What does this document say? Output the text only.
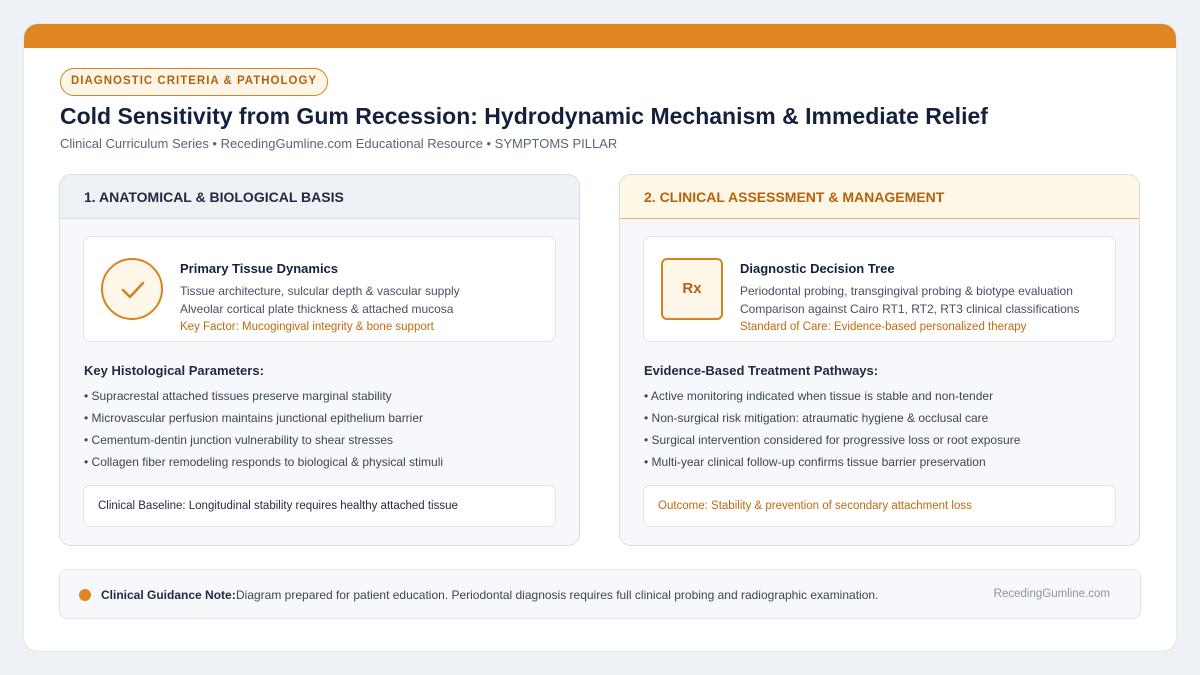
DIAGNOSTIC CRITERIA & PATHOLOGY
Cold Sensitivity from Gum Recession: Hydrodynamic Mechanism & Immediate Relief
Clinical Curriculum Series • RecedingGumline.com Educational Resource • SYMPTOMS PILLAR
1. ANATOMICAL & BIOLOGICAL BASIS
Primary Tissue Dynamics
Tissue architecture, sulcular depth & vascular supply
Alveolar cortical plate thickness & attached mucosa
Key Factor: Mucogingival integrity & bone support
Key Histological Parameters:
• Supracrestal attached tissues preserve marginal stability
• Microvascular perfusion maintains junctional epithelium barrier
• Cementum-dentin junction vulnerability to shear stresses
• Collagen fiber remodeling responds to biological & physical stimuli
Clinical Baseline: Longitudinal stability requires healthy attached tissue
2. CLINICAL ASSESSMENT & MANAGEMENT
Rx
Diagnostic Decision Tree
Periodontal probing, transgingival probing & biotype evaluation
Comparison against Cairo RT1, RT2, RT3 clinical classifications
Standard of Care: Evidence-based personalized therapy
Evidence-Based Treatment Pathways:
• Active monitoring indicated when tissue is stable and non-tender
• Non-surgical risk mitigation: atraumatic hygiene & occlusal care
• Surgical intervention considered for progressive loss or root exposure
• Multi-year clinical follow-up confirms tissue barrier preservation
Outcome: Stability & prevention of secondary attachment loss
Clinical Guidance Note: Diagram prepared for patient education. Periodontal diagnosis requires full clinical probing and radiographic examination.	RecedingGumline.com
